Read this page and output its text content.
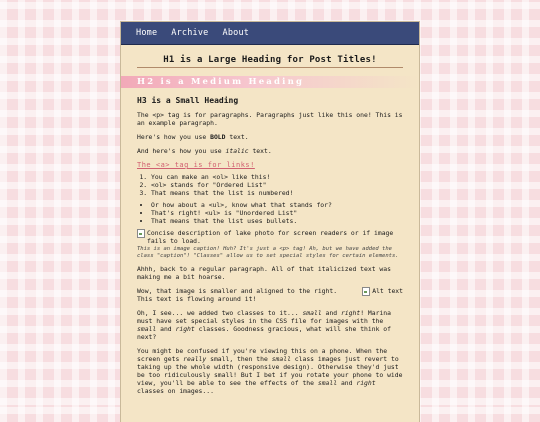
Home Archive About
H1 is a Large Heading for Post Titles!
H2 is a Medium Heading
H3 is a Small Heading

The <p> tag is for paragraphs. Paragraphs just like this one! This is an example paragraph.

Here's how you use BOLD text.

And here's how you use italic text.

The <a> tag is for links!
1. You can make an <ol> like this!
2. <ol> stands for "Ordered List"
3. That means that the list is numbered!
• Or how about a <ul>, know what that stands for?
• That's right! <ul> is "Unordered List"
• That means that the list uses bullets.
Concise description of lake photo for screen readers or if image fails to load.

This is an image caption! Huh? It's just a <p> tag! Ah, but we have added the class "caption"! "Classes" allow us to set special styles for certain elements.

Ahhh, back to a regular paragraph. All of that italicized text was making me a bit hoarse.

Alt text

Wow, that image is smaller and aligned to the right. This text is flowing around it!

Oh, I see... we added two classes to it... small and right! Marina must have set special styles in the CSS file for images with the small and right classes. Goodness gracious, what will she think of next?

You might be confused if you're viewing this on a phone. When the screen gets really small, then the small class images just revert to taking up the whole width (responsive design). Otherwise they'd just be too ridiculously small! But I bet if you rotate your phone to wide view, you'll be able to see the effects of the small and right classes on images...
